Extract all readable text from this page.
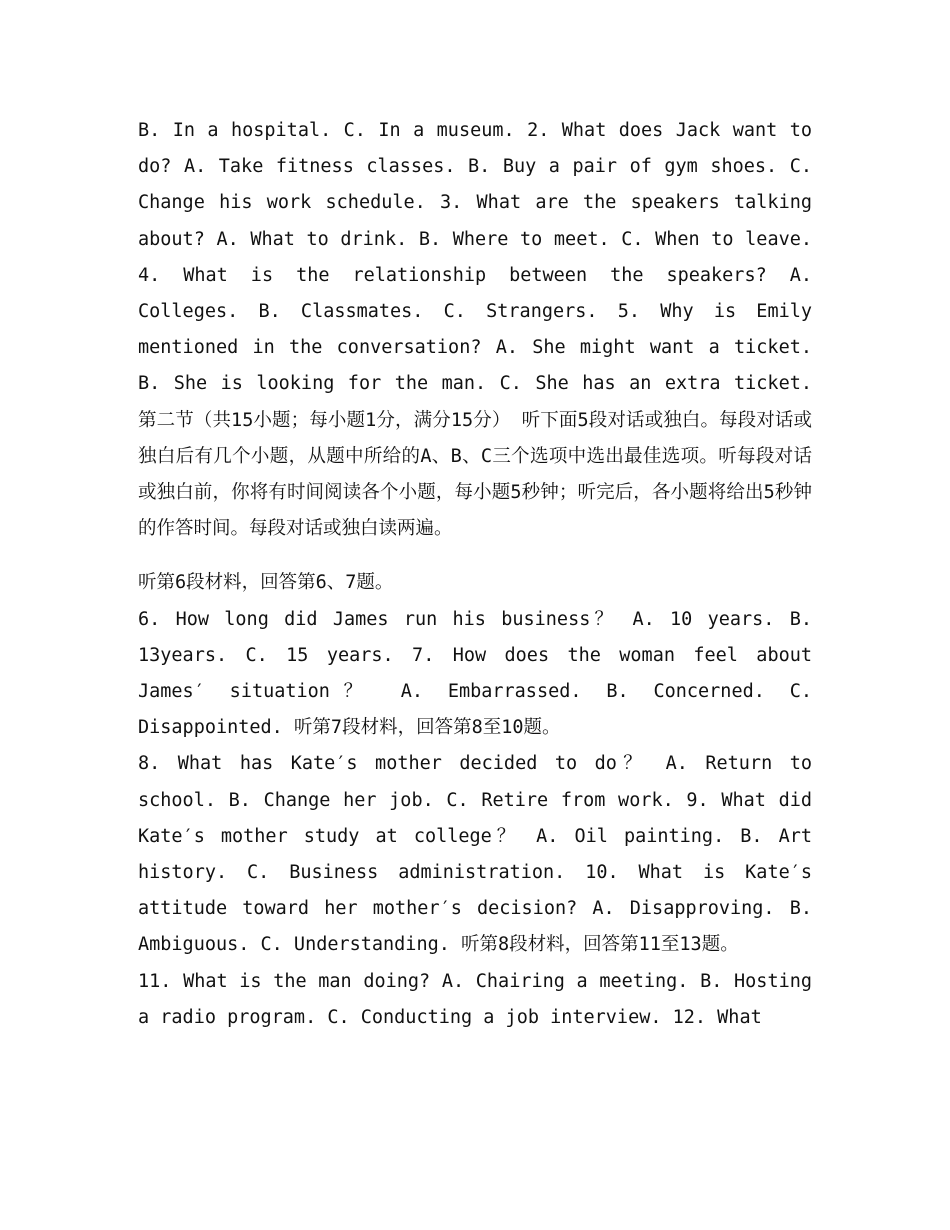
B. In a hospital. C. In a museum. 2. What does Jack want to do? A. Take fitness classes. B. Buy a pair of gym shoes. C. Change his work schedule. 3. What are the speakers talking about? A. What to drink. B. Where to meet. C. When to leave. 4. What is the relationship between the speakers? A. Colleges. B. Classmates. C. Strangers. 5. Why is Emily mentioned in the conversation? A. She might want a ticket. B. She is looking for the man. C. She has an extra ticket. 第二节（共15小题；每小题1分，满分15分） 听下面5段对话或独白。每段对话或独白后有几个小题，从题中所给的A、B、C三个选项中选出最佳选项。听每段对话或独白前，你将有时间阅读各个小题，每小题5秒钟；听完后，各小题将给出5秒钟的作答时间。每段对话或独白读两遍。

听第6段材料，回答第6、7题。

6. How long did James run his business？ A. 10 years. B. 13years. C. 15 years. 7. How does the woman feel about James′ situation？ A. Embarrassed. B. Concerned. C. Disappointed. 听第7段材料，回答第8至10题。

8. What has Kate′s mother decided to do？ A. Return to school. B. Change her job. C. Retire from work. 9. What did Kate′s mother study at college？ A. Oil painting. B. Art history. C. Business administration. 10. What is Kate′s attitude toward her mother′s decision? A. Disapproving. B. Ambiguous. C. Understanding. 听第8段材料，回答第11至13题。

11. What is the man doing? A. Chairing a meeting. B. Hosting a radio program. C. Conducting a job interview. 12. What
